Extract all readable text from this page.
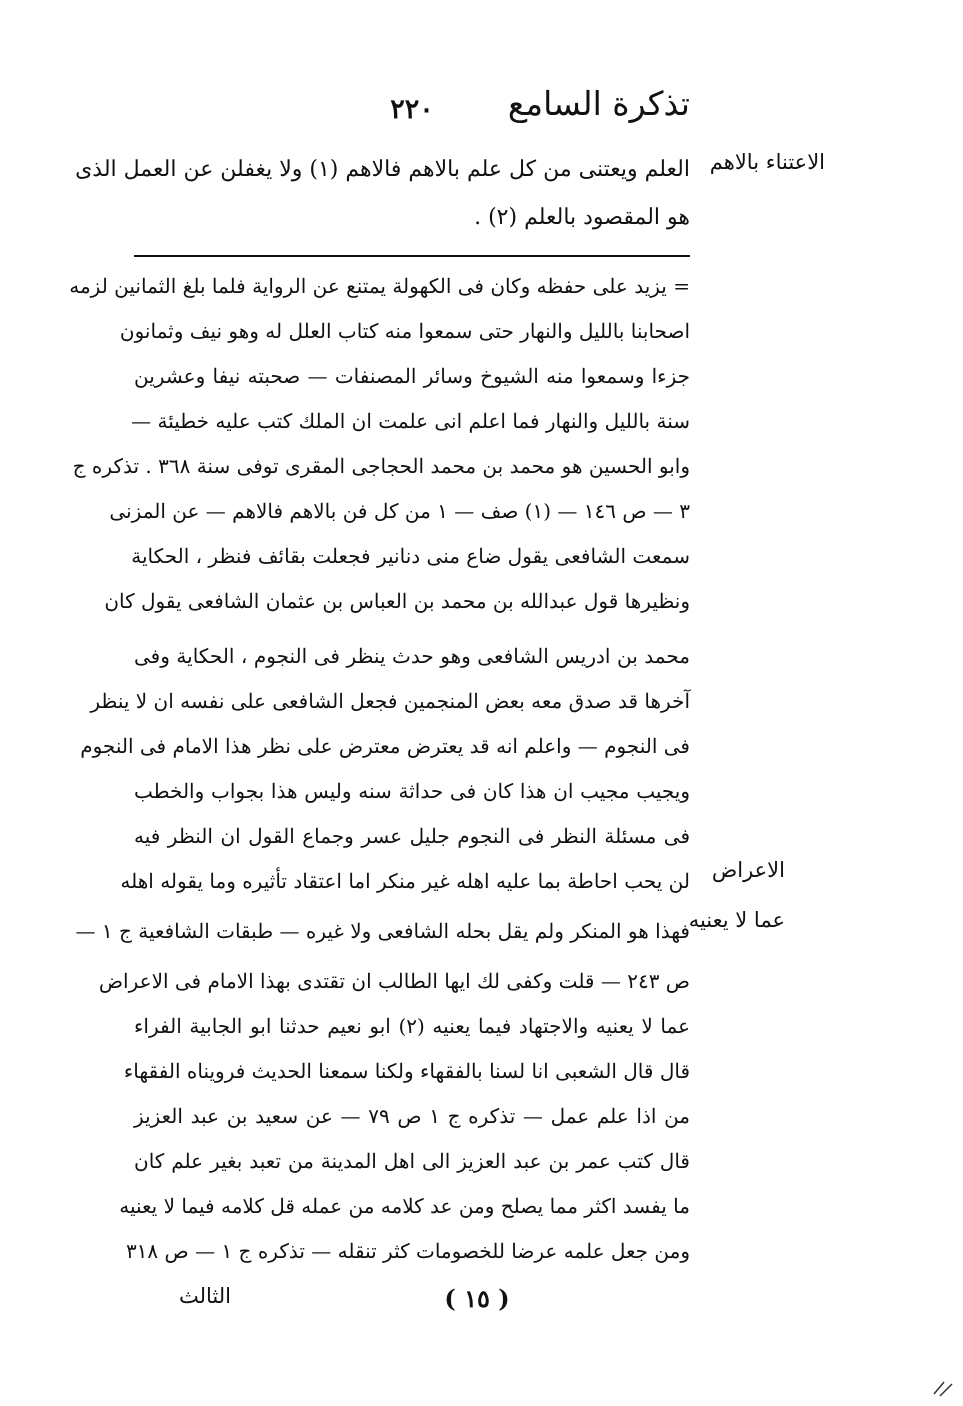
تذكرة السامع
٢٢٠
الاعتناء بالاهم
الاعراض
عما لا يعنيه
العلم ويعتنى من كل علم بالاهم فالاهم (١) ولا يغفلن عن العمل الذى
هو المقصود بالعلم (٢) .
= يزيد على حفظه وكان فى الكهولة يمتنع عن الرواية فلما بلغ الثمانين لزمه
اصحابنا بالليل والنهار حتى سمعوا منه كتاب العلل له وهو نيف وثمانون
جزءا وسمعوا منه الشيوخ وسائر المصنفات — صحبته نيفا وعشرين
سنة بالليل والنهار فما اعلم انى علمت ان الملك كتب عليه خطيئة —
وابو الحسين هو محمد بن محمد الحجاجى المقرى توفى سنة ٣٦٨ . تذكره ج
٣ — ص ١٤٦ — (١) صف — ١ من كل فن بالاهم فالاهم — عن المزنى
سمعت الشافعى يقول ضاع منى دنانير فجعلت بقائف فنظر ، الحكاية
ونظيرها قول عبدالله بن محمد بن العباس بن عثمان الشافعى يقول كان
محمد بن ادريس الشافعى وهو حدث ينظر فى النجوم ، الحكاية وفى
آخرها قد صدق معه بعض المنجمين فجعل الشافعى على نفسه ان لا ينظر
فى النجوم — واعلم انه قد يعترض معترض على نظر هذا الامام فى النجوم
ويجيب مجيب ان هذا كان فى حداثة سنه وليس هذا بجواب والخطب
فى مسئلة النظر فى النجوم جليل عسر وجماع القول ان النظر فيه
لن يحب احاطة بما عليه اهله غير منكر اما اعتقاد تأثيره وما يقوله اهله
فهذا هو المنكر ولم يقل بحله الشافعى ولا غيره — طبقات الشافعية ج ١ —
ص ٢٤٣ — قلت وكفى لك ايها الطالب ان تقتدى بهذا الامام فى الاعراض
عما لا يعنيه والاجتهاد فيما يعنيه (٢) ابو نعيم حدثنا ابو الجابية الفراء
قال قال الشعبى انا لسنا بالفقهاء ولكنا سمعنا الحديث فرويناه الفقهاء
من اذا علم عمل — تذكره ج ١ ص ٧٩ — عن سعيد بن عبد العزيز
قال كتب عمر بن عبد العزيز الى اهل المدينة من تعبد بغير علم كان
ما يفسد اكثر مما يصلح ومن عد كلامه من عمله قل كلامه فيما لا يعنيه
ومن جعل علمه عرضا للخصومات كثر تنقله — تذكره ج ١ — ص ٣١٨
( ١٥ )
الثالث
